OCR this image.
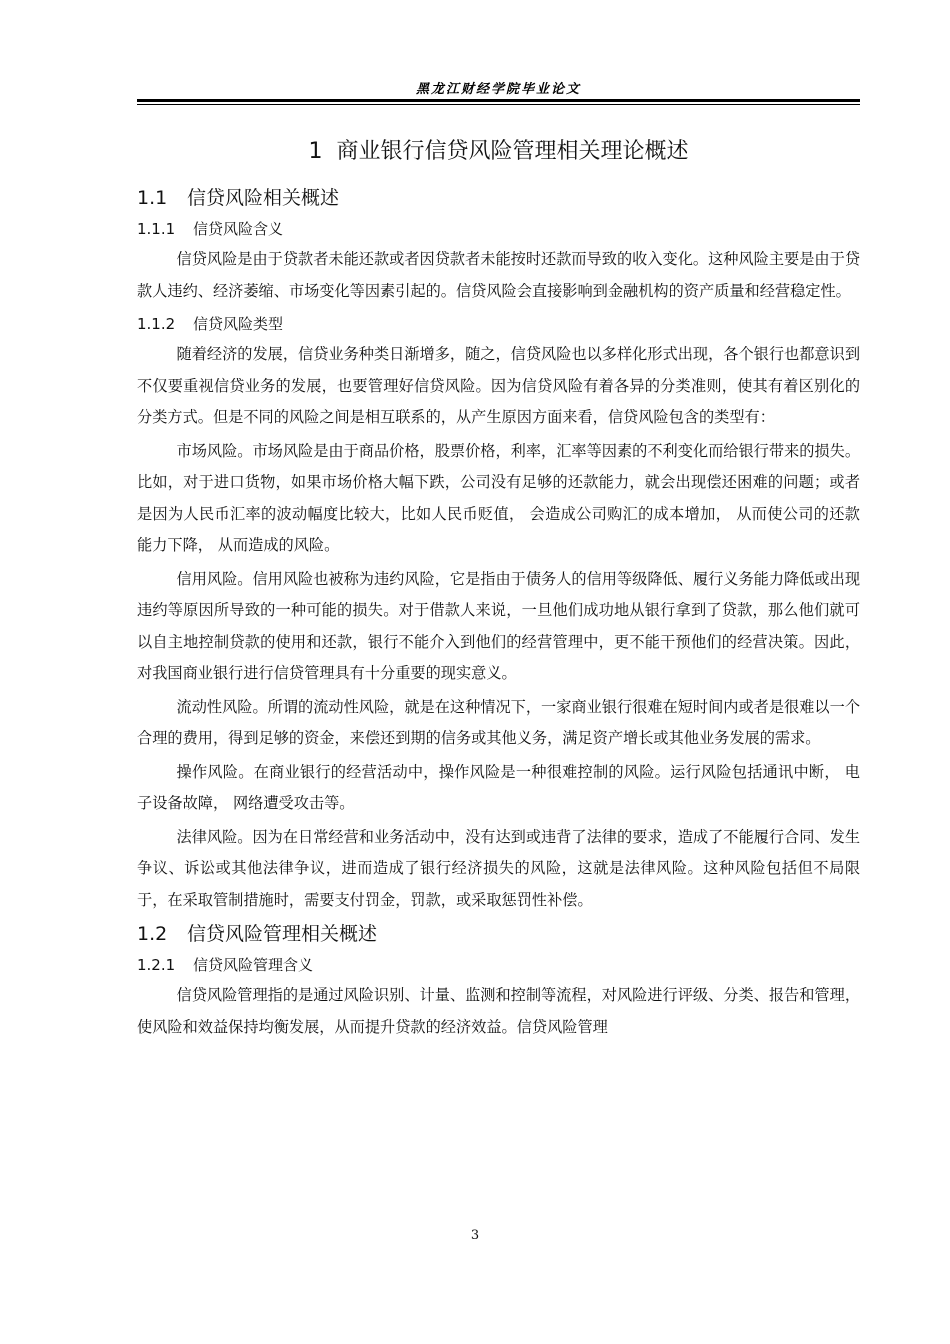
黑龙江财经学院毕业论文
1 商业银行信贷风险管理相关理论概述
1.1 信贷风险相关概述
1.1.1 信贷风险含义

信贷风险是由于贷款者未能还款或者因贷款者未能按时还款而导致的收入变化。这种风险主要是由于贷款人违约、经济萎缩、市场变化等因素引起的。信贷风险会直接影响到金融机构的资产质量和经营稳定性。

1.1.2 信贷风险类型

随着经济的发展，信贷业务种类日渐增多，随之，信贷风险也以多样化形式出现，各个银行也都意识到不仅要重视信贷业务的发展，也要管理好信贷风险。因为信贷风险有着各异的分类准则，使其有着区别化的分类方式。但是不同的风险之间是相互联系的，从产生原因方面来看，信贷风险包含的类型有：

市场风险。市场风险是由于商品价格，股票价格，利率，汇率等因素的不利变化而给银行带来的损失。比如，对于进口货物，如果市场价格大幅下跌，公司没有足够的还款能力，就会出现偿还困难的问题；或者是因为人民币汇率的波动幅度比较大，比如人民币贬值， 会造成公司购汇的成本增加， 从而使公司的还款能力下降， 从而造成的风险。

信用风险。信用风险也被称为违约风险，它是指由于债务人的信用等级降低、履行义务能力降低或出现违约等原因所导致的一种可能的损失。对于借款人来说，一旦他们成功地从银行拿到了贷款，那么他们就可以自主地控制贷款的使用和还款，银行不能介入到他们的经营管理中，更不能干预他们的经营决策。因此，对我国商业银行进行信贷管理具有十分重要的现实意义。

流动性风险。所谓的流动性风险，就是在这种情况下，一家商业银行很难在短时间内或者是很难以一个合理的费用，得到足够的资金，来偿还到期的信务或其他义务，满足资产增长或其他业务发展的需求。

操作风险。在商业银行的经营活动中，操作风险是一种很难控制的风险。运行风险包括通讯中断， 电子设备故障， 网络遭受攻击等。

法律风险。因为在日常经营和业务活动中，没有达到或违背了法律的要求，造成了不能履行合同、发生争议、诉讼或其他法律争议，进而造成了银行经济损失的风险，这就是法律风险。这种风险包括但不局限于，在采取管制措施时，需要支付罚金，罚款，或采取惩罚性补偿。

1.2 信贷风险管理相关概述
1.2.1 信贷风险管理含义

信贷风险管理指的是通过风险识别、计量、监测和控制等流程，对风险进行评级、分类、报告和管理，使风险和效益保持均衡发展，从而提升贷款的经济效益。信贷风险管理

3
